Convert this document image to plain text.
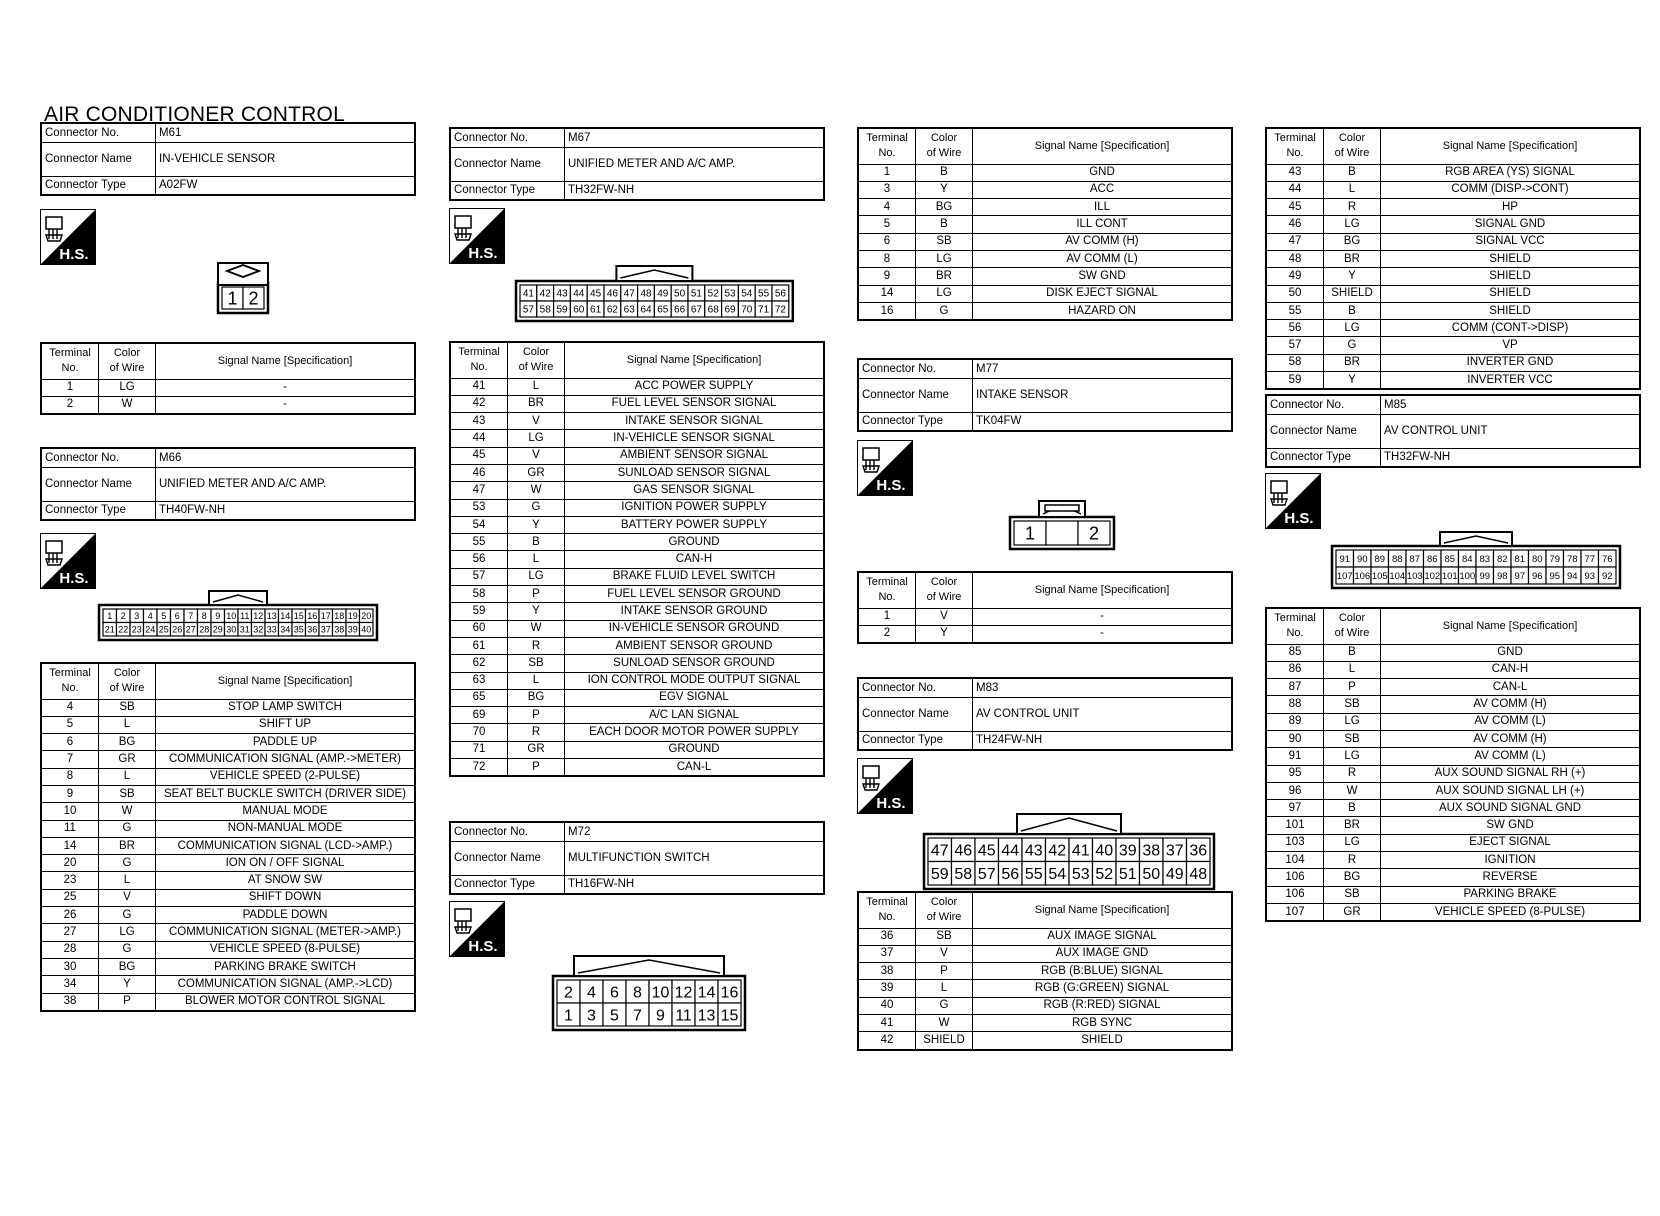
AIR CONDITIONER CONTROL
Connector No.	M61
Connector Name	IN-VEHICLE SENSOR
Connector Type	A02FW
H.S.
1 2
Terminal
No.	Color
of Wire	Signal Name [Specification]
1	LG	-
2	W	-
Connector No.	M66
Connector Name	UNIFIED METER AND A/C AMP.
Connector Type	TH40FW-NH
H.S.
1 2 3 4 5 6 7 8 9 10 11 12 13 14 15 16 17 18 19 20
21 22 23 24 25 26 27 28 29 30 31 32 33 34 35 36 37 38 39 40
Terminal
No.	Color
of Wire	Signal Name [Specification]
4	SB	STOP LAMP SWITCH
5	L	SHIFT UP
6	BG	PADDLE UP
7	GR	COMMUNICATION SIGNAL (AMP.->METER)
8	L	VEHICLE SPEED (2-PULSE)
9	SB	SEAT BELT BUCKLE SWITCH (DRIVER SIDE)
10	W	MANUAL MODE
11	G	NON-MANUAL MODE
14	BR	COMMUNICATION SIGNAL (LCD->AMP.)
20	G	ION ON / OFF SIGNAL
23	L	AT SNOW SW
25	V	SHIFT DOWN
26	G	PADDLE DOWN
27	LG	COMMUNICATION SIGNAL (METER->AMP.)
28	G	VEHICLE SPEED (8-PULSE)
30	BG	PARKING BRAKE SWITCH
34	Y	COMMUNICATION SIGNAL (AMP.->LCD)
38	P	BLOWER MOTOR CONTROL SIGNAL
Connector No.	M67
Connector Name	UNIFIED METER AND A/C AMP.
Connector Type	TH32FW-NH
H.S.
41 42 43 44 45 46 47 48 49 50 51 52 53 54 55 56
57 58 59 60 61 62 63 64 65 66 67 68 69 70 71 72
Terminal
No.	Color
of Wire	Signal Name [Specification]
41	L	ACC POWER SUPPLY
42	BR	FUEL LEVEL SENSOR SIGNAL
43	V	INTAKE SENSOR SIGNAL
44	LG	IN-VEHICLE SENSOR SIGNAL
45	V	AMBIENT SENSOR SIGNAL
46	GR	SUNLOAD SENSOR SIGNAL
47	W	GAS SENSOR SIGNAL
53	G	IGNITION POWER SUPPLY
54	Y	BATTERY POWER SUPPLY
55	B	GROUND
56	L	CAN-H
57	LG	BRAKE FLUID LEVEL SWITCH
58	P	FUEL LEVEL SENSOR GROUND
59	Y	INTAKE SENSOR GROUND
60	W	IN-VEHICLE SENSOR GROUND
61	R	AMBIENT SENSOR GROUND
62	SB	SUNLOAD SENSOR GROUND
63	L	ION CONTROL MODE OUTPUT SIGNAL
65	BG	EGV SIGNAL
69	P	A/C LAN SIGNAL
70	R	EACH DOOR MOTOR POWER SUPPLY
71	GR	GROUND
72	P	CAN-L
Connector No.	M72
Connector Name	MULTIFUNCTION SWITCH
Connector Type	TH16FW-NH
H.S.
2 4 6 8 10 12 14 16
1 3 5 7 9 11 13 15
Terminal
No.	Color
of Wire	Signal Name [Specification]
1	B	GND
3	Y	ACC
4	BG	ILL
5	B	ILL CONT
6	SB	AV COMM (H)
8	LG	AV COMM (L)
9	BR	SW GND
14	LG	DISK EJECT SIGNAL
16	G	HAZARD ON
Connector No.	M77
Connector Name	INTAKE SENSOR
Connector Type	TK04FW
H.S.
1	2
Terminal
No.	Color
of Wire	Signal Name [Specification]
1	V	-
2	Y	-
Connector No.	M83
Connector Name	AV CONTROL UNIT
Connector Type	TH24FW-NH
H.S.
47 46 45 44 43 42 41 40 39 38 37 36
59 58 57 56 55 54 53 52 51 50 49 48
Terminal
No.	Color
of Wire	Signal Name [Specification]
36	SB	AUX IMAGE SIGNAL
37	V	AUX IMAGE GND
38	P	RGB (B:BLUE) SIGNAL
39	L	RGB (G:GREEN) SIGNAL
40	G	RGB (R:RED) SIGNAL
41	W	RGB SYNC
42	SHIELD	SHIELD
Terminal
No.	Color
of Wire	Signal Name [Specification]
43	B	RGB AREA (YS) SIGNAL
44	L	COMM (DISP->CONT)
45	R	HP
46	LG	SIGNAL GND
47	BG	SIGNAL VCC
48	BR	SHIELD
49	Y	SHIELD
50	SHIELD	SHIELD
55	B	SHIELD
56	LG	COMM (CONT->DISP)
57	G	VP
58	BR	INVERTER GND
59	Y	INVERTER VCC
Connector No.	M85
Connector Name	AV CONTROL UNIT
Connector Type	TH32FW-NH
H.S.
91 90 89 88 87 86 85 84 83 82 81 80 79 78 77 76
107 106 105 104 103 102 101 100 99 98 97 96 95 94 93 92
Terminal
No.	Color
of Wire	Signal Name [Specification]
85	B	GND
86	L	CAN-H
87	P	CAN-L
88	SB	AV COMM (H)
89	LG	AV COMM (L)
90	SB	AV COMM (H)
91	LG	AV COMM (L)
95	R	AUX SOUND SIGNAL RH (+)
96	W	AUX SOUND SIGNAL LH (+)
97	B	AUX SOUND SIGNAL GND
101	BR	SW GND
103	LG	EJECT SIGNAL
104	R	IGNITION
106	BG	REVERSE
106	SB	PARKING BRAKE
107	GR	VEHICLE SPEED (8-PULSE)
